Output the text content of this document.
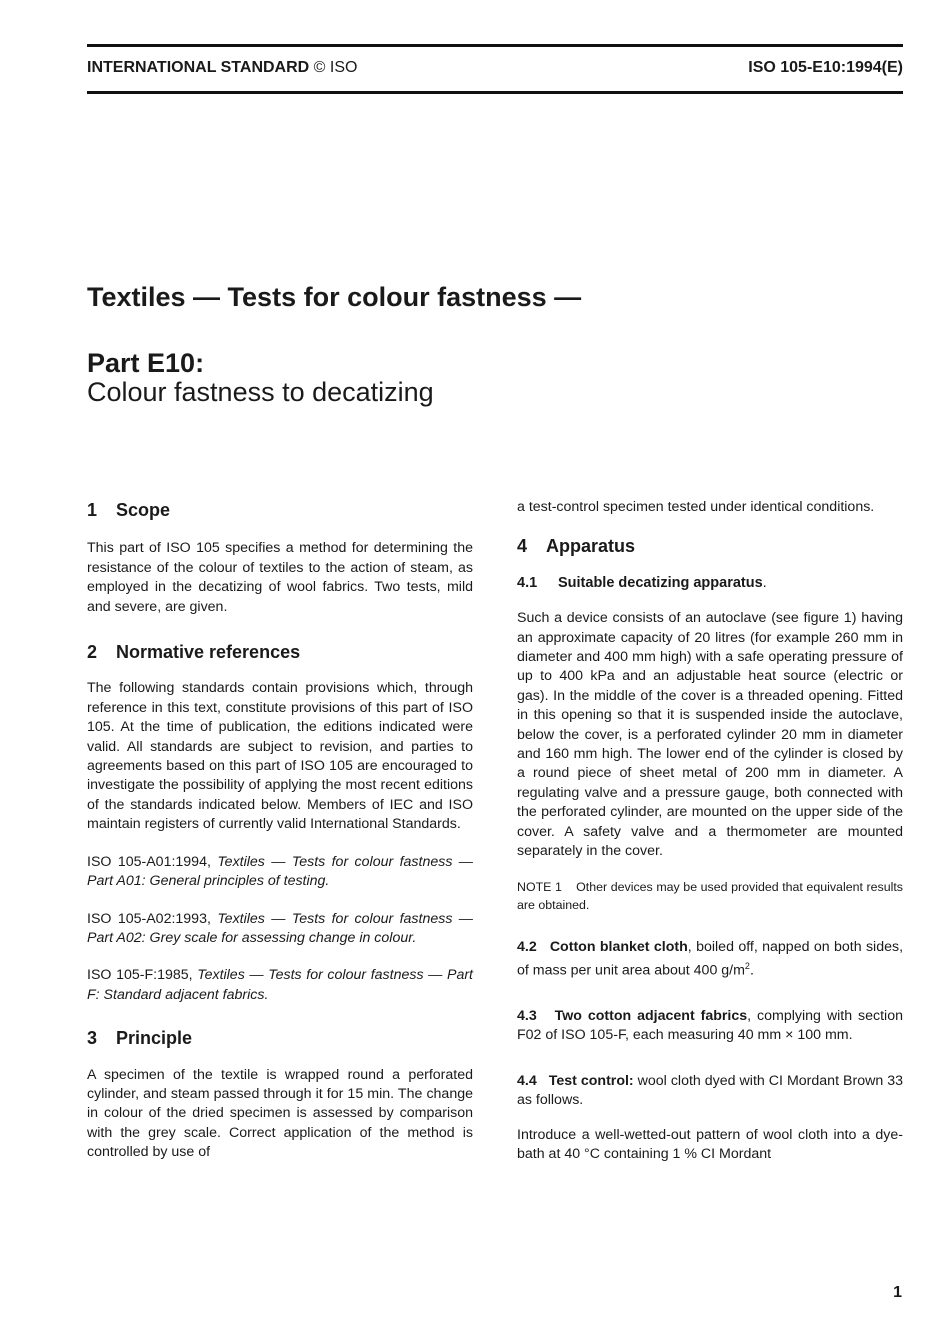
INTERNATIONAL STANDARD © ISO	ISO 105-E10:1994(E)
Textiles — Tests for colour fastness —
Part E10:
Colour fastness to decatizing
1 Scope

This part of ISO 105 specifies a method for determining the resistance of the colour of textiles to the action of steam, as employed in the decatizing of wool fabrics. Two tests, mild and severe, are given.

2 Normative references

The following standards contain provisions which, through reference in this text, constitute provisions of this part of ISO 105. At the time of publication, the editions indicated were valid. All standards are subject to revision, and parties to agreements based on this part of ISO 105 are encouraged to investigate the possibility of applying the most recent editions of the standards indicated below. Members of IEC and ISO maintain registers of currently valid International Standards.

ISO 105-A01:1994, Textiles — Tests for colour fastness — Part A01: General principles of testing.

ISO 105-A02:1993, Textiles — Tests for colour fastness — Part A02: Grey scale for assessing change in colour.

ISO 105-F:1985, Textiles — Tests for colour fastness — Part F: Standard adjacent fabrics.

3 Principle

A specimen of the textile is wrapped round a perforated cylinder, and steam passed through it for 15 min. The change in colour of the dried specimen is assessed by comparison with the grey scale. Correct application of the method is controlled by use of

a test-control specimen tested under identical conditions.

4 Apparatus
4.1 Suitable decatizing apparatus.

Such a device consists of an autoclave (see figure 1) having an approximate capacity of 20 litres (for example 260 mm in diameter and 400 mm high) with a safe operating pressure of up to 400 kPa and an adjustable heat source (electric or gas). In the middle of the cover is a threaded opening. Fitted in this opening so that it is suspended inside the autoclave, below the cover, is a perforated cylinder 20 mm in diameter and 160 mm high. The lower end of the cylinder is closed by a round piece of sheet metal of 200 mm in diameter. A regulating valve and a pressure gauge, both connected with the perforated cylinder, are mounted on the upper side of the cover. A safety valve and a thermometer are mounted separately in the cover.

NOTE 1    Other devices may be used provided that equivalent results are obtained.

4.2 Cotton blanket cloth, boiled off, napped on both sides, of mass per unit area about 400 $g/m^2$.

4.3 Two cotton adjacent fabrics, complying with section F02 of ISO 105-F, each measuring 40 mm × 100 mm.

4.4 Test control: wool cloth dyed with CI Mordant Brown 33 as follows.

Introduce a well-wetted-out pattern of wool cloth into a dye-bath at 40 °C containing 1 % CI Mordant

1
